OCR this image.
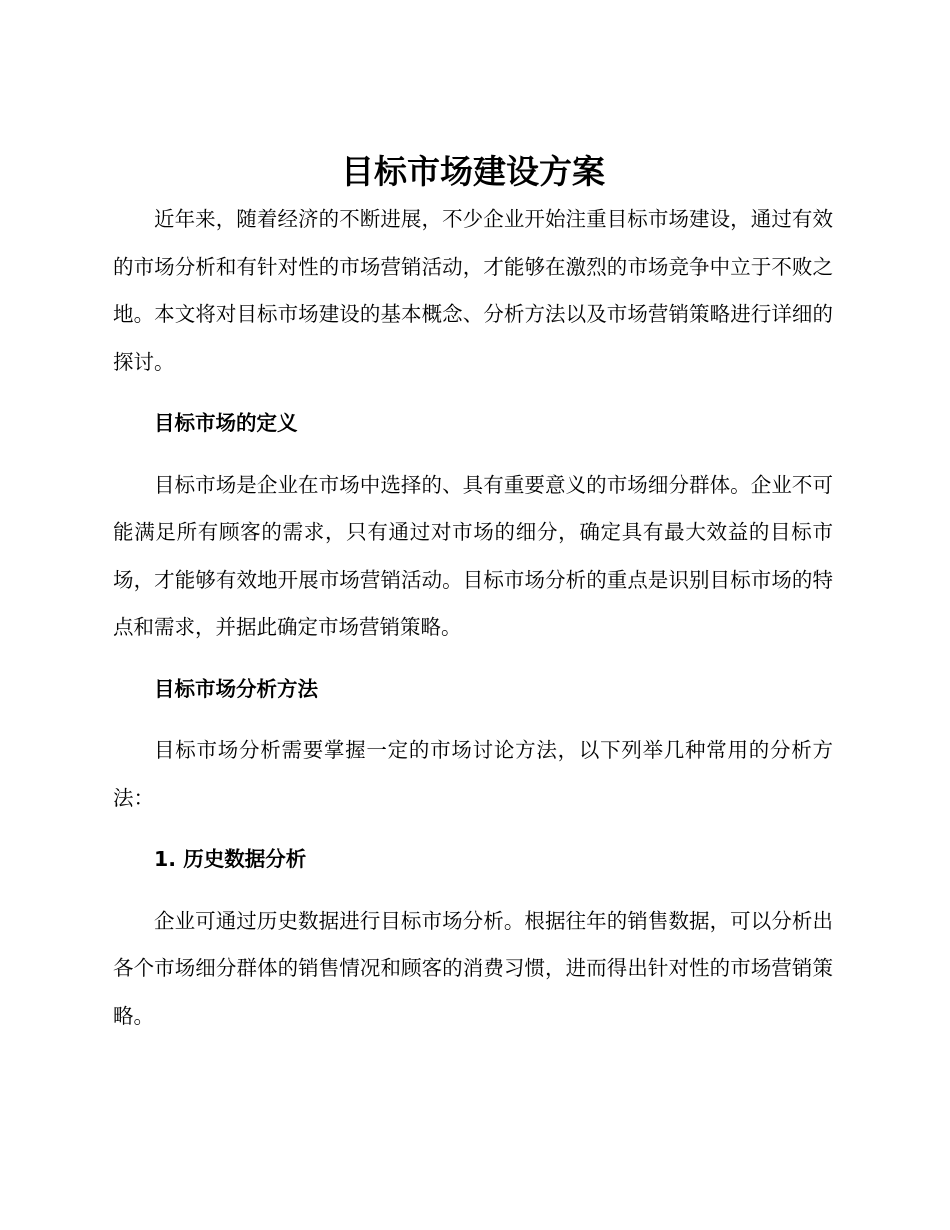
目标市场建设方案

近年来，随着经济的不断进展，不少企业开始注重目标市场建设，通过有效的市场分析和有针对性的市场营销活动，才能够在激烈的市场竞争中立于不败之地。本文将对目标市场建设的基本概念、分析方法以及市场营销策略进行详细的探讨。

目标市场的定义

目标市场是企业在市场中选择的、具有重要意义的市场细分群体。企业不可能满足所有顾客的需求，只有通过对市场的细分，确定具有最大效益的目标市场，才能够有效地开展市场营销活动。目标市场分析的重点是识别目标市场的特点和需求，并据此确定市场营销策略。

目标市场分析方法

目标市场分析需要掌握一定的市场讨论方法，以下列举几种常用的分析方法：

1. 历史数据分析

企业可通过历史数据进行目标市场分析。根据往年的销售数据，可以分析出各个市场细分群体的销售情况和顾客的消费习惯，进而得出针对性的市场营销策略。
